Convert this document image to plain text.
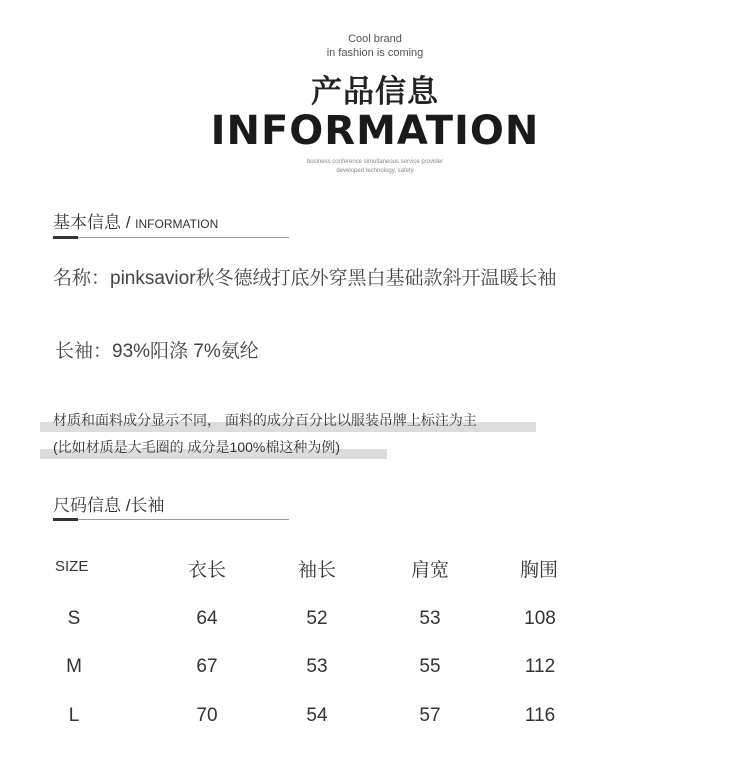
Cool brand
in fashion is coming
产品信息
INFORMATION
business conference simultaneous service provider
developed technology, safety
基本信息 / INFORMATION
名称：pinksavior秋冬德绒打底外穿黑白基础款斜开温暖长袖
长袖：93%阳涤 7%氨纶
材质和面料成分显示不同， 面料的成分百分比以服装吊牌上标注为主
(比如材质是大毛圈的 成分是100%棉这种为例)
尺码信息 /长袖
SIZE	衣长	袖长	肩宽	胸围
S	64	52	53	108
M	67	53	55	112
L	70	54	57	116
